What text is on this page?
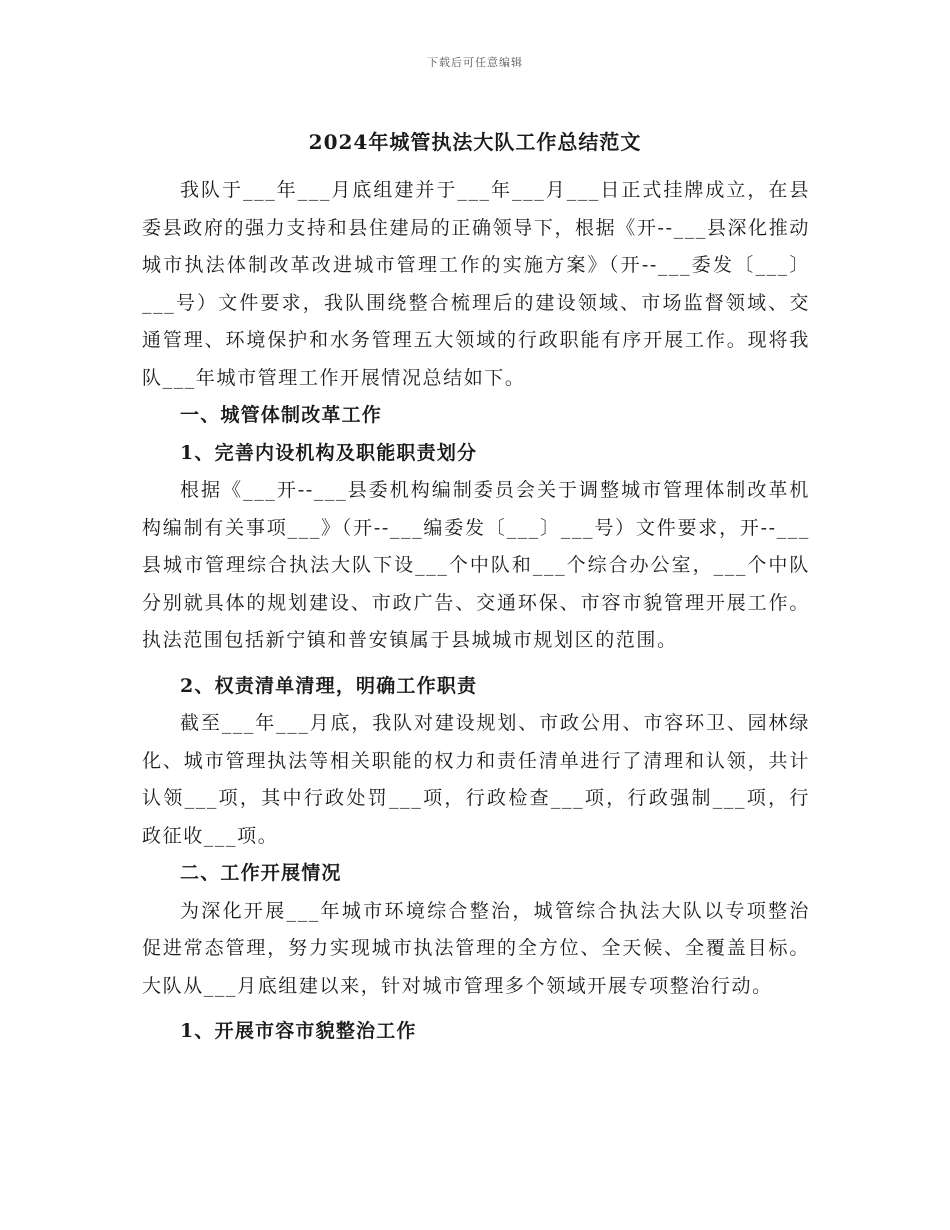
下载后可任意编辑
2024年城管执法大队工作总结范文

我队于___年___月底组建并于___年___月___日正式挂牌成立，在县委县政府的强力支持和县住建局的正确领导下，根据《开--___县深化推动城市执法体制改革改进城市管理工作的实施方案》（开--___委发〔___〕___号）文件要求，我队围绕整合梳理后的建设领域、市场监督领域、交通管理、环境保护和水务管理五大领域的行政职能有序开展工作。现将我队___年城市管理工作开展情况总结如下。

一、城管体制改革工作

1、完善内设机构及职能职责划分

根据《___开--___县委机构编制委员会关于调整城市管理体制改革机构编制有关事项___》（开--___编委发〔___〕___号）文件要求，开--___县城市管理综合执法大队下设___个中队和___个综合办公室，___个中队分别就具体的规划建设、市政广告、交通环保、市容市貌管理开展工作。执法范围包括新宁镇和普安镇属于县城城市规划区的范围。

2、权责清单清理，明确工作职责

截至___年___月底，我队对建设规划、市政公用、市容环卫、园林绿化、城市管理执法等相关职能的权力和责任清单进行了清理和认领，共计认领___项，其中行政处罚___项，行政检查___项，行政强制___项，行政征收___项。

二、工作开展情况

为深化开展___年城市环境综合整治，城管综合执法大队以专项整治促进常态管理，努力实现城市执法管理的全方位、全天候、全覆盖目标。大队从___月底组建以来，针对城市管理多个领域开展专项整治行动。

1、开展市容市貌整治工作
